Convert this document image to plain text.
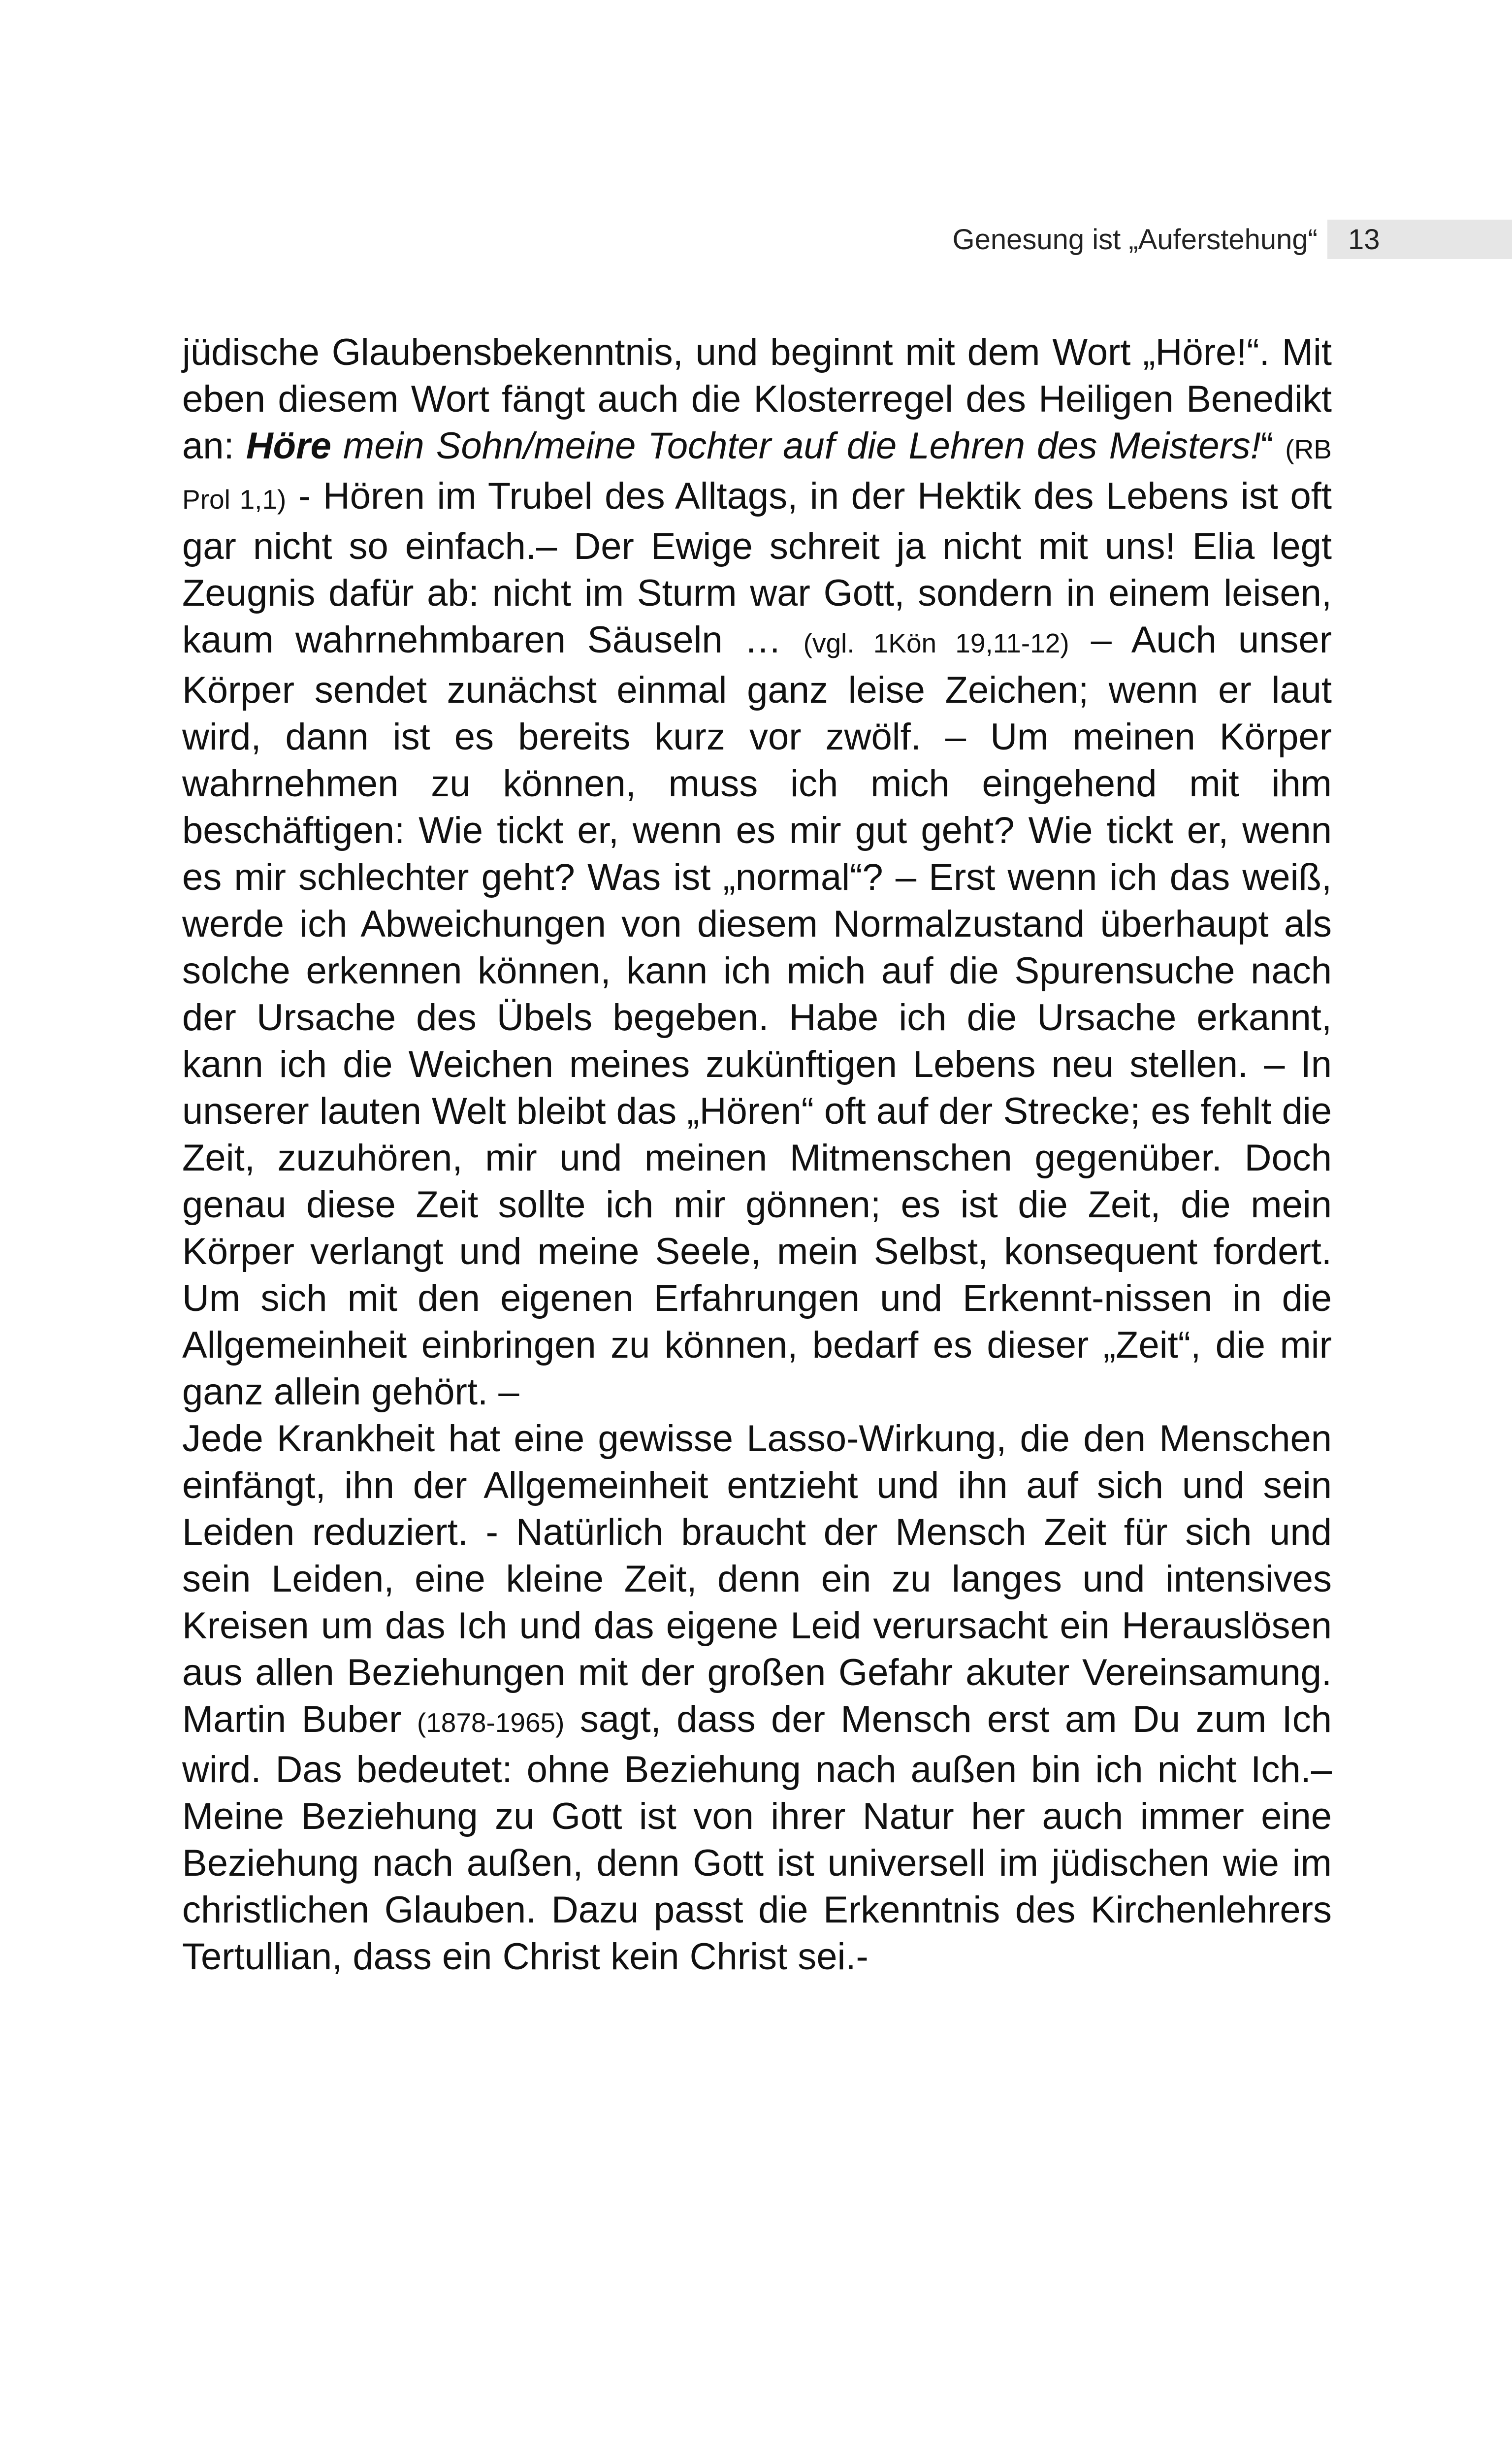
Genesung ist „Auferstehung“ 13

jüdische Glaubensbekenntnis, und beginnt mit dem Wort „Höre!“. Mit eben diesem Wort fängt auch die Klosterregel des Heiligen Benedikt an: Höre mein Sohn/meine Tochter auf die Lehren des Meisters!“ (RB Prol 1,1) - Hören im Trubel des Alltags, in der Hektik des Lebens ist oft gar nicht so einfach.– Der Ewige schreit ja nicht mit uns! Elia legt Zeugnis dafür ab: nicht im Sturm war Gott, sondern in einem leisen, kaum wahrnehmbaren Säuseln … (vgl. 1Kön 19,11-12) – Auch unser Körper sendet zunächst einmal ganz leise Zeichen; wenn er laut wird, dann ist es bereits kurz vor zwölf. – Um meinen Körper wahrnehmen zu können, muss ich mich eingehend mit ihm beschäftigen: Wie tickt er, wenn es mir gut geht? Wie tickt er, wenn es mir schlechter geht? Was ist „normal“? – Erst wenn ich das weiß, werde ich Abweichungen von diesem Normalzustand überhaupt als solche erkennen können, kann ich mich auf die Spurensuche nach der Ursache des Übels begeben. Habe ich die Ursache erkannt, kann ich die Weichen meines zukünftigen Lebens neu stellen. – In unserer lauten Welt bleibt das „Hören“ oft auf der Strecke; es fehlt die Zeit, zuzuhören, mir und meinen Mitmenschen gegenüber. Doch genau diese Zeit sollte ich mir gönnen; es ist die Zeit, die mein Körper verlangt und meine Seele, mein Selbst, konsequent fordert. Um sich mit den eigenen Erfahrungen und Erkennt-nissen in die Allgemeinheit einbringen zu können, bedarf es dieser „Zeit“, die mir ganz allein gehört. –

Jede Krankheit hat eine gewisse Lasso-Wirkung, die den Menschen einfängt, ihn der Allgemeinheit entzieht und ihn auf sich und sein Leiden reduziert. - Natürlich braucht der Mensch Zeit für sich und sein Leiden, eine kleine Zeit, denn ein zu langes und intensives Kreisen um das Ich und das eigene Leid verursacht ein Herauslösen aus allen Beziehungen mit der großen Gefahr akuter Vereinsamung. Martin Buber (1878-1965) sagt, dass der Mensch erst am Du zum Ich wird. Das bedeutet: ohne Beziehung nach außen bin ich nicht Ich.– Meine Beziehung zu Gott ist von ihrer Natur her auch immer eine Beziehung nach außen, denn Gott ist universell im jüdischen wie im christlichen Glauben. Dazu passt die Erkenntnis des Kirchenlehrers Tertullian, dass ein Christ kein Christ sei.-
